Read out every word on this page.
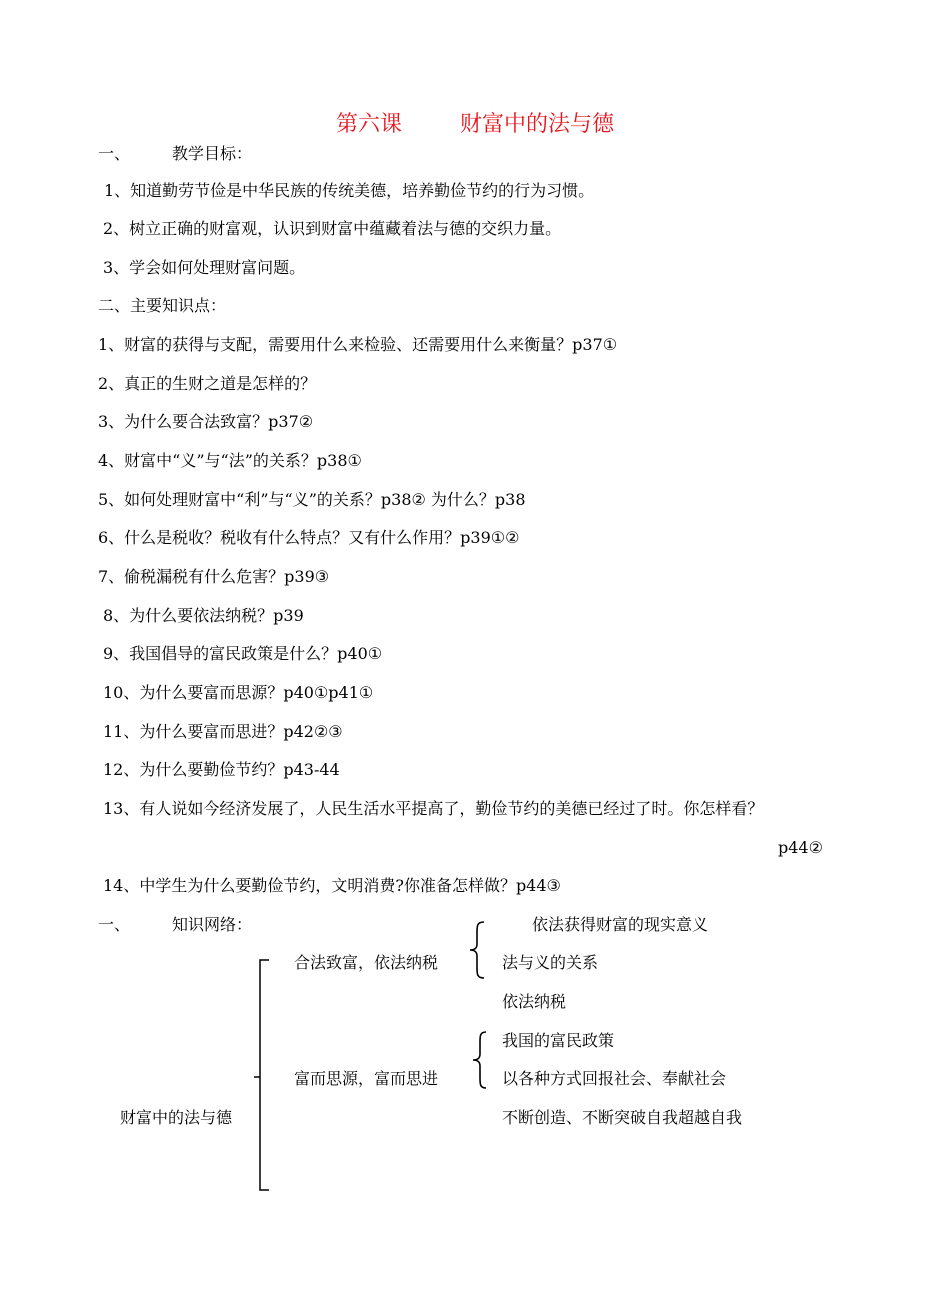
第六课	财富中的法与德
一、	教学目标：
1、知道勤劳节俭是中华民族的传统美德，培养勤俭节约的行为习惯。
2、树立正确的财富观，认识到财富中蕴藏着法与德的交织力量。
3、学会如何处理财富问题。
二、主要知识点：
1、财富的获得与支配，需要用什么来检验、还需要用什么来衡量？p37①
2、真正的生财之道是怎样的？
3、为什么要合法致富？p37②
4、财富中“义”与“法”的关系？p38①
5、如何处理财富中“利”与“义”的关系？p38② 为什么？p38
6、什么是税收？税收有什么特点？又有什么作用？p39①②
7、偷税漏税有什么危害？p39③
8、为什么要依法纳税？p39
9、我国倡导的富民政策是什么？p40①
10、为什么要富而思源？p40①p41①
11、为什么要富而思进？p42②③
12、为什么要勤俭节约？p43-44
13、有人说如今经济发展了，人民生活水平提高了，勤俭节约的美德已经过了时。你怎样看？
p44②
14、中学生为什么要勤俭节约，文明消费?你准备怎样做？p44③
一、	知识网络：
财富中的法与德
合法致富，依法纳税
依法获得财富的现实意义
法与义的关系
依法纳税
富而思源，富而思进
我国的富民政策
以各种方式回报社会、奉献社会
不断创造、不断突破自我超越自我
